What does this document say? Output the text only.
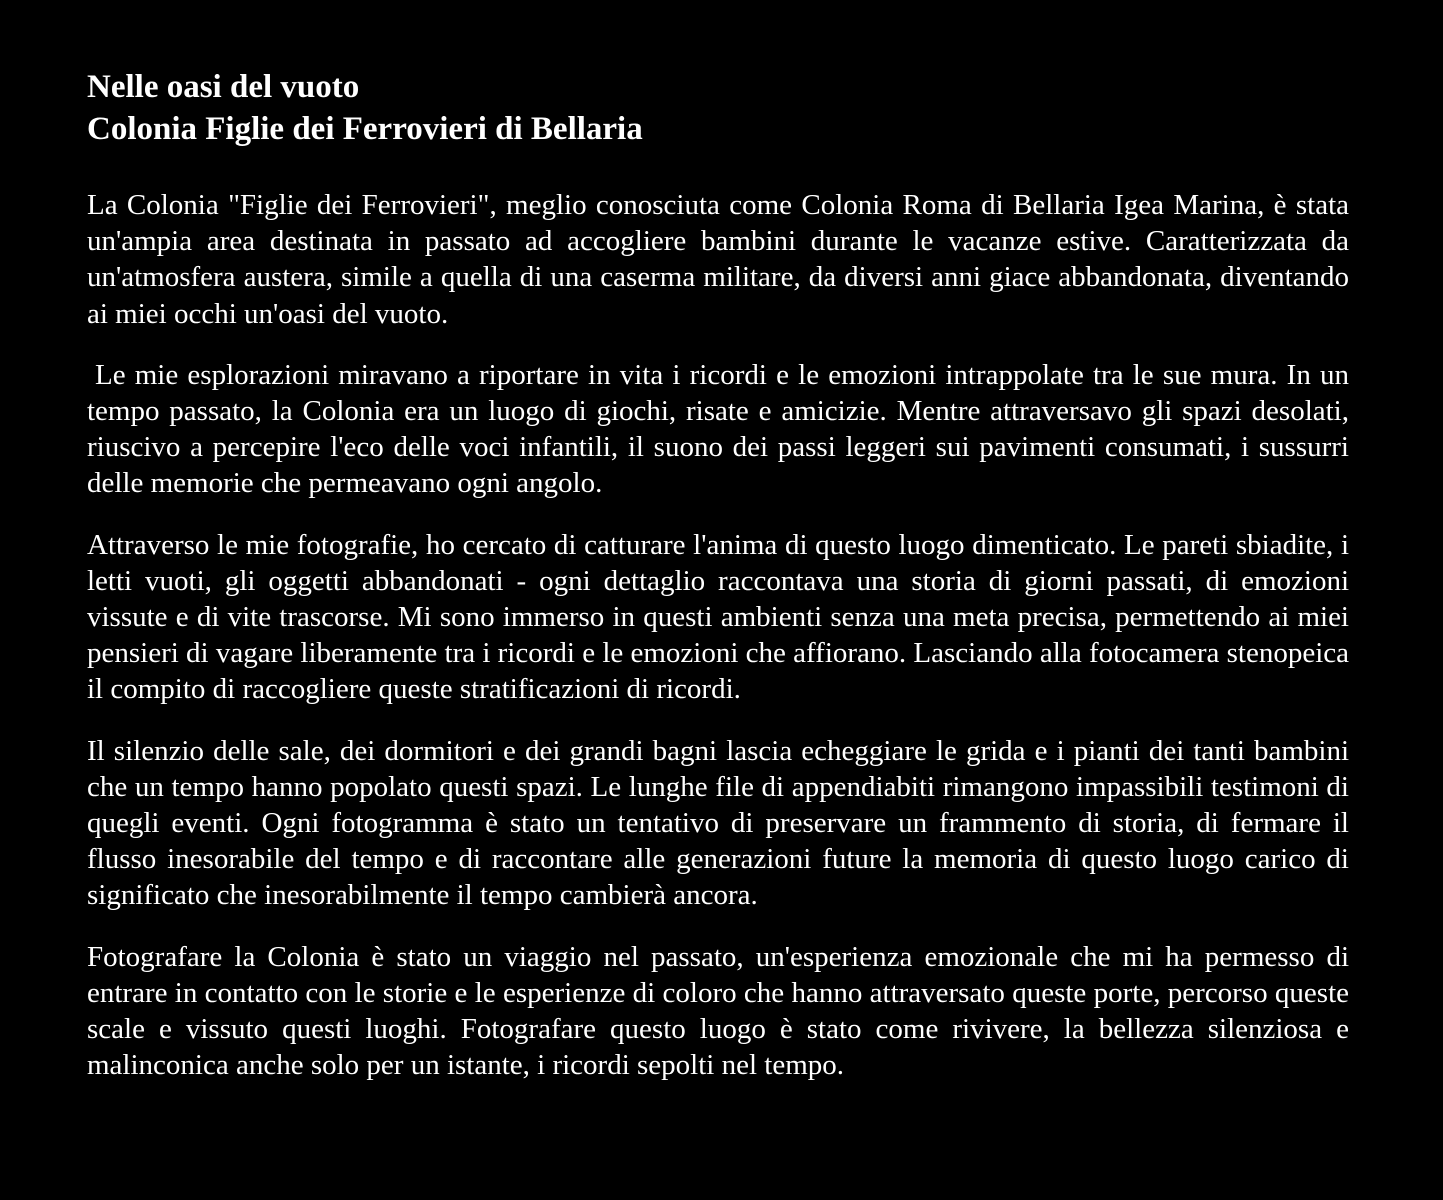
Nelle oasi del vuoto
Colonia Figlie dei Ferrovieri di Bellaria

La Colonia "Figlie dei Ferrovieri", meglio conosciuta come Colonia Roma di Bellaria Igea Marina, è stata un'ampia area destinata in passato ad accogliere bambini durante le vacanze estive. Caratterizzata da un'atmosfera austera, simile a quella di una caserma militare, da diversi anni giace abbandonata, diventando ai miei occhi un'oasi del vuoto.

Le mie esplorazioni miravano a riportare in vita i ricordi e le emozioni intrappolate tra le sue mura. In un tempo passato, la Colonia era un luogo di giochi, risate e amicizie. Mentre attraversavo gli spazi desolati, riuscivo a percepire l'eco delle voci infantili, il suono dei passi leggeri sui pavimenti consumati, i sussurri delle memorie che permeavano ogni angolo.

Attraverso le mie fotografie, ho cercato di catturare l'anima di questo luogo dimenticato. Le pareti sbiadite, i letti vuoti, gli oggetti abbandonati - ogni dettaglio raccontava una storia di giorni passati, di emozioni vissute e di vite trascorse. Mi sono immerso in questi ambienti senza una meta precisa, permettendo ai miei pensieri di vagare liberamente tra i ricordi e le emozioni che affiorano. Lasciando alla fotocamera stenopeica il compito di raccogliere queste stratificazioni di ricordi.

Il silenzio delle sale, dei dormitori e dei grandi bagni lascia echeggiare le grida e i pianti dei tanti bambini che un tempo hanno popolato questi spazi. Le lunghe file di appendiabiti rimangono impassibili testimoni di quegli eventi. Ogni fotogramma è stato un tentativo di preservare un frammento di storia, di fermare il flusso inesorabile del tempo e di raccontare alle generazioni future la memoria di questo luogo carico di significato che inesorabilmente il tempo cambierà ancora.

Fotografare la Colonia è stato un viaggio nel passato, un'esperienza emozionale che mi ha permesso di entrare in contatto con le storie e le esperienze di coloro che hanno attraversato queste porte, percorso queste scale e vissuto questi luoghi. Fotografare questo luogo è stato come rivivere, la bellezza silenziosa e malinconica anche solo per un istante, i ricordi sepolti nel tempo.
